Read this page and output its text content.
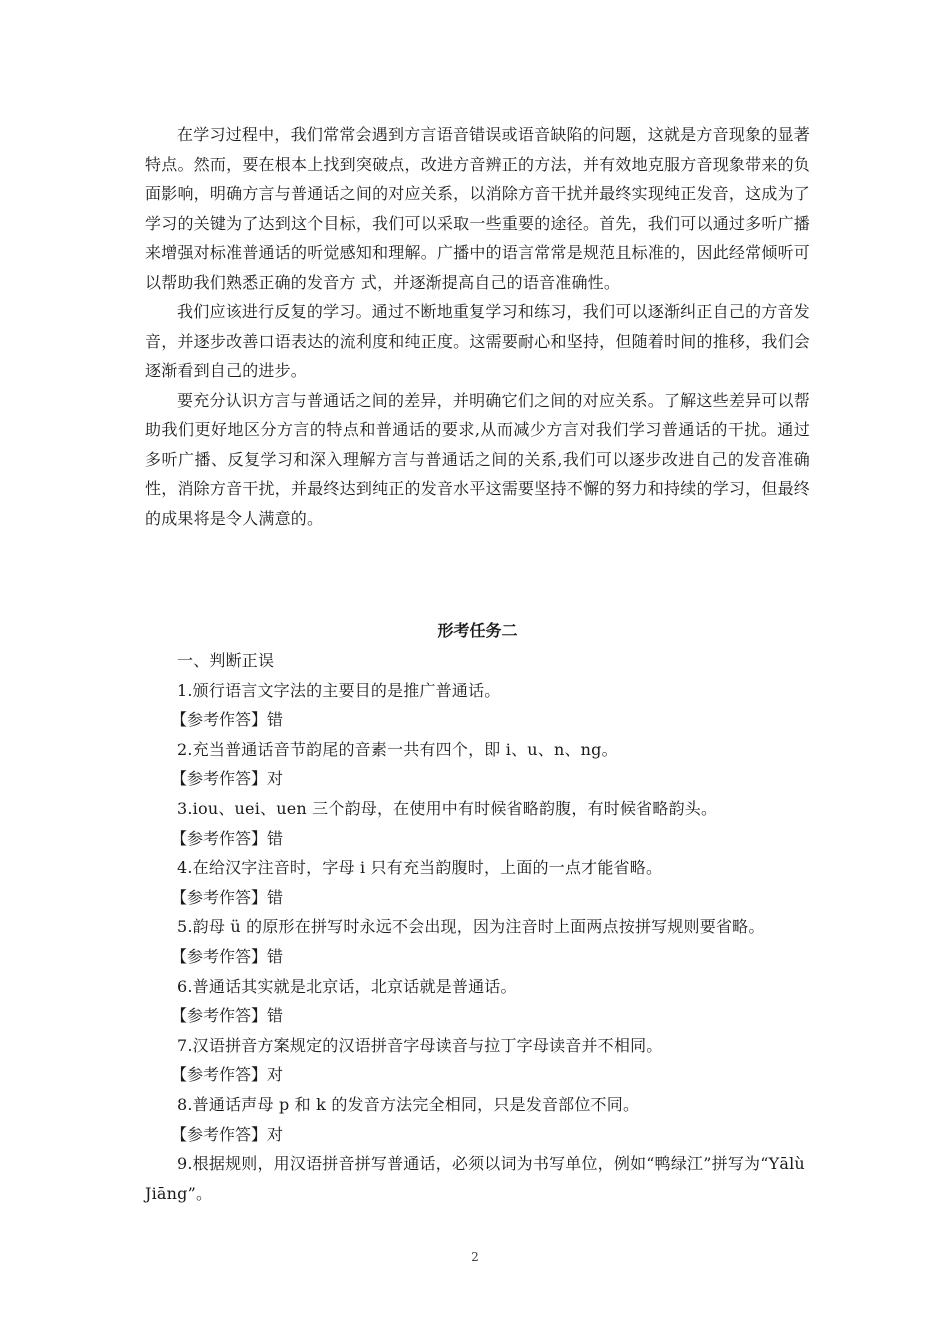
在学习过程中，我们常常会遇到方言语音错误或语音缺陷的问题，这就是方音现象的显著特点。然而，要在根本上找到突破点，改进方音辨正的方法，并有效地克服方音现象带来的负面影响，明确方言与普通话之间的对应关系，以消除方音干扰并最终实现纯正发音，这成为了学习的关键为了达到这个目标，我们可以采取一些重要的途径。首先，我们可以通过多听广播来增强对标准普通话的听觉感知和理解。广播中的语言常常是规范且标准的，因此经常倾听可以帮助我们熟悉正确的发音方 式，并逐渐提高自己的语音准确性。

我们应该进行反复的学习。通过不断地重复学习和练习，我们可以逐渐纠正自己的方音发音，并逐步改善口语表达的流利度和纯正度。这需要耐心和坚持，但随着时间的推移，我们会逐渐看到自己的进步。

要充分认识方言与普通话之间的差异，并明确它们之间的对应关系。了解这些差异可以帮助我们更好地区分方言的特点和普通话的要求,从而减少方言对我们学习普通话的干扰。通过多听广播、反复学习和深入理解方言与普通话之间的关系,我们可以逐步改进自己的发音准确性，消除方音干扰，并最终达到纯正的发音水平这需要坚持不懈的努力和持续的学习，但最终的成果将是令人满意的。

形考任务二

一、判断正误

1.颁行语言文字法的主要目的是推广普通话。

【参考作答】错

2.充当普通话音节韵尾的音素一共有四个，即 i、u、n、ng。

【参考作答】对

3.iou、uei、uen 三个韵母，在使用中有时候省略韵腹，有时候省略韵头。

【参考作答】错

4.在给汉字注音时，字母 i 只有充当韵腹时，上面的一点才能省略。

【参考作答】错

5.韵母 ü 的原形在拼写时永远不会出现，因为注音时上面两点按拼写规则要省略。

【参考作答】错

6.普通话其实就是北京话，北京话就是普通话。

【参考作答】错

7.汉语拼音方案规定的汉语拼音字母读音与拉丁字母读音并不相同。

【参考作答】对

8.普通话声母 p 和 k 的发音方法完全相同，只是发音部位不同。

【参考作答】对

9.根据规则，用汉语拼音拼写普通话，必须以词为书写单位，例如“鸭绿江”拼写为“Yālù Jiāng”。

2
